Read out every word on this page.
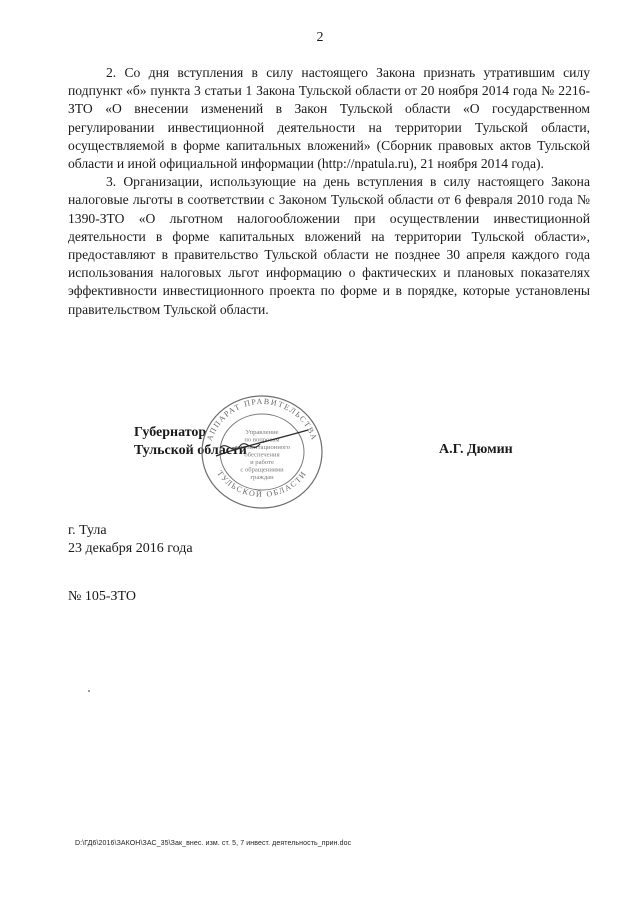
2

2. Со дня вступления в силу настоящего Закона признать утратившим силу подпункт «б» пункта 3 статьи 1 Закона Тульской области от 20 ноября 2014 года № 2216-ЗТО «О внесении изменений в Закон Тульской области «О государственном регулировании инвестиционной деятельности на территории Тульской области, осуществляемой в форме капитальных вложений» (Сборник правовых актов Тульской области и иной официальной информации (http://npatula.ru), 21 ноября 2014 года).

3. Организации, использующие на день вступления в силу настоящего Закона налоговые льготы в соответствии с Законом Тульской области от 6 февраля 2010 года № 1390-ЗТО «О льготном налогообложении при осуществлении инвестиционной деятельности в форме капитальных вложений на территории Тульской области», предоставляют в правительство Тульской области не позднее 30 апреля каждого года использования налоговых льгот информацию о фактических и плановых показателях эффективности инвестиционного проекта по форме и в порядке, которые установлены правительством Тульской области.

Губернатор
Тульской области	А.Г. Дюмин
АППАРАТ ПРАВИТЕЛЬСТВА
ТУЛЬСКОЙ ОБЛАСТИ
Управление
по вопросам
документационного
обеспечения
и работе
с обращениями
граждан
г. Тула
23 декабря 2016 года
№ 105-ЗТО
D:\ГД6\2016\ЗАКОН\ЗАС_35\Зак_внес. изм. ст. 5, 7 инвест. деятельность_прин.doc
